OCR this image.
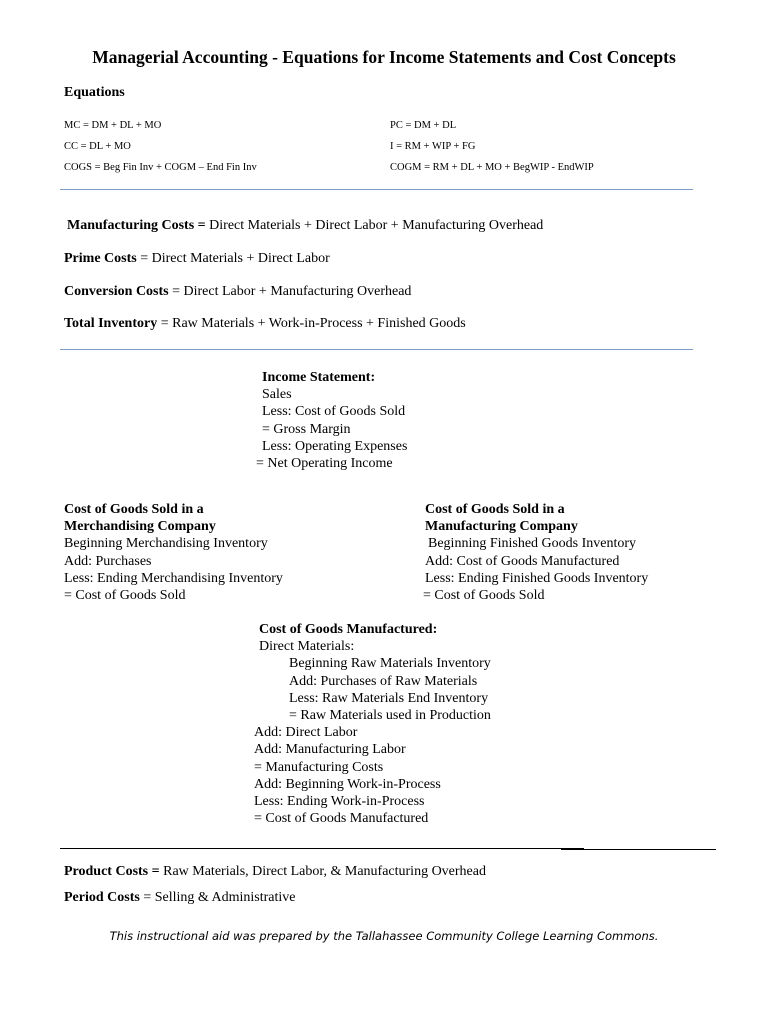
Managerial Accounting - Equations for Income Statements and Cost Concepts
Equations
MC = DM + DL + MO
CC = DL + MO
COGS = Beg Fin Inv + COGM – End Fin Inv
PC = DM + DL
I = RM + WIP + FG
COGM = RM + DL + MO + BegWIP - EndWIP
Manufacturing Costs = Direct Materials + Direct Labor + Manufacturing Overhead
Prime Costs = Direct Materials + Direct Labor
Conversion Costs = Direct Labor + Manufacturing Overhead
Total Inventory = Raw Materials + Work-in-Process + Finished Goods
Income Statement:
Sales
Less: Cost of Goods Sold
= Gross Margin
Less: Operating Expenses
= Net Operating Income
Cost of Goods Sold in a
Merchandising Company
Beginning Merchandising Inventory
Add: Purchases
Less: Ending Merchandising Inventory
= Cost of Goods Sold
Cost of Goods Sold in a
Manufacturing Company
Beginning Finished Goods Inventory
Add: Cost of Goods Manufactured
Less: Ending Finished Goods Inventory
= Cost of Goods Sold
Cost of Goods Manufactured:
Direct Materials:
Beginning Raw Materials Inventory
Add: Purchases of Raw Materials
Less: Raw Materials End Inventory
= Raw Materials used in Production
Add: Direct Labor
Add: Manufacturing Labor
= Manufacturing Costs
Add: Beginning Work-in-Process
Less: Ending Work-in-Process
= Cost of Goods Manufactured
Product Costs = Raw Materials, Direct Labor, & Manufacturing Overhead
Period Costs = Selling & Administrative
This instructional aid was prepared by the Tallahassee Community College Learning Commons.
